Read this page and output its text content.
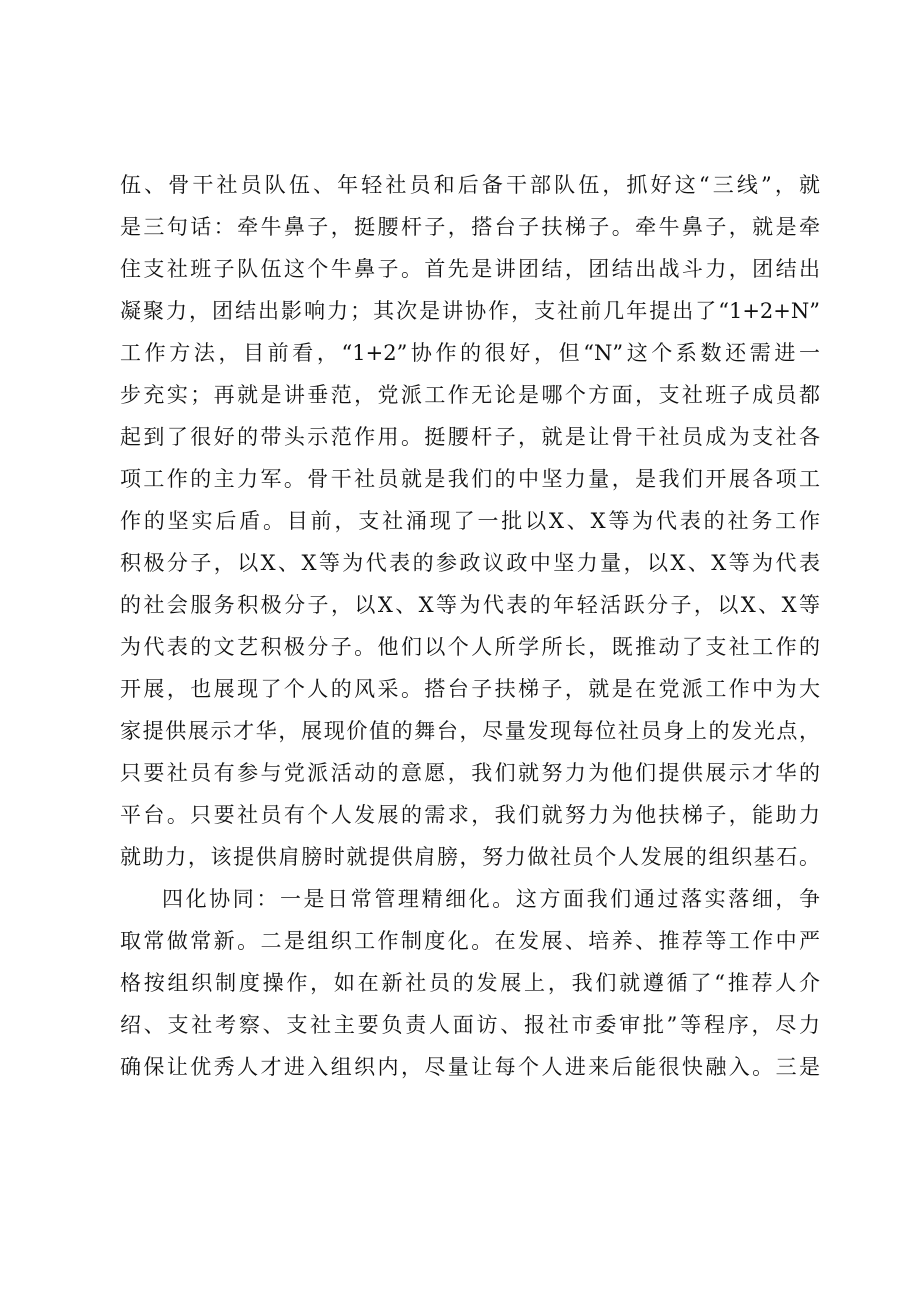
伍、骨干社员队伍、年轻社员和后备干部队伍，抓好这“三线”，就
是三句话：牵牛鼻子，挺腰杆子，搭台子扶梯子。牵牛鼻子，就是牵
住支社班子队伍这个牛鼻子。首先是讲团结，团结出战斗力，团结出
凝聚力，团结出影响力；其次是讲协作，支社前几年提出了“1+2+N”
工作方法，目前看，“1+2”协作的很好，但“N”这个系数还需进一
步充实；再就是讲垂范，党派工作无论是哪个方面，支社班子成员都
起到了很好的带头示范作用。挺腰杆子，就是让骨干社员成为支社各
项工作的主力军。骨干社员就是我们的中坚力量，是我们开展各项工
作的坚实后盾。目前，支社涌现了一批以X、X等为代表的社务工作
积极分子，以X、X等为代表的参政议政中坚力量，以X、X等为代表
的社会服务积极分子，以X、X等为代表的年轻活跃分子，以X、X等
为代表的文艺积极分子。他们以个人所学所长，既推动了支社工作的
开展，也展现了个人的风采。搭台子扶梯子，就是在党派工作中为大
家提供展示才华，展现价值的舞台，尽量发现每位社员身上的发光点，
只要社员有参与党派活动的意愿，我们就努力为他们提供展示才华的
平台。只要社员有个人发展的需求，我们就努力为他扶梯子，能助力
就助力，该提供肩膀时就提供肩膀，努力做社员个人发展的组织基石。
四化协同：一是日常管理精细化。这方面我们通过落实落细，争
取常做常新。二是组织工作制度化。在发展、培养、推荐等工作中严
格按组织制度操作，如在新社员的发展上，我们就遵循了“推荐人介
绍、支社考察、支社主要负责人面访、报社市委审批”等程序，尽力
确保让优秀人才进入组织内，尽量让每个人进来后能很快融入。三是
